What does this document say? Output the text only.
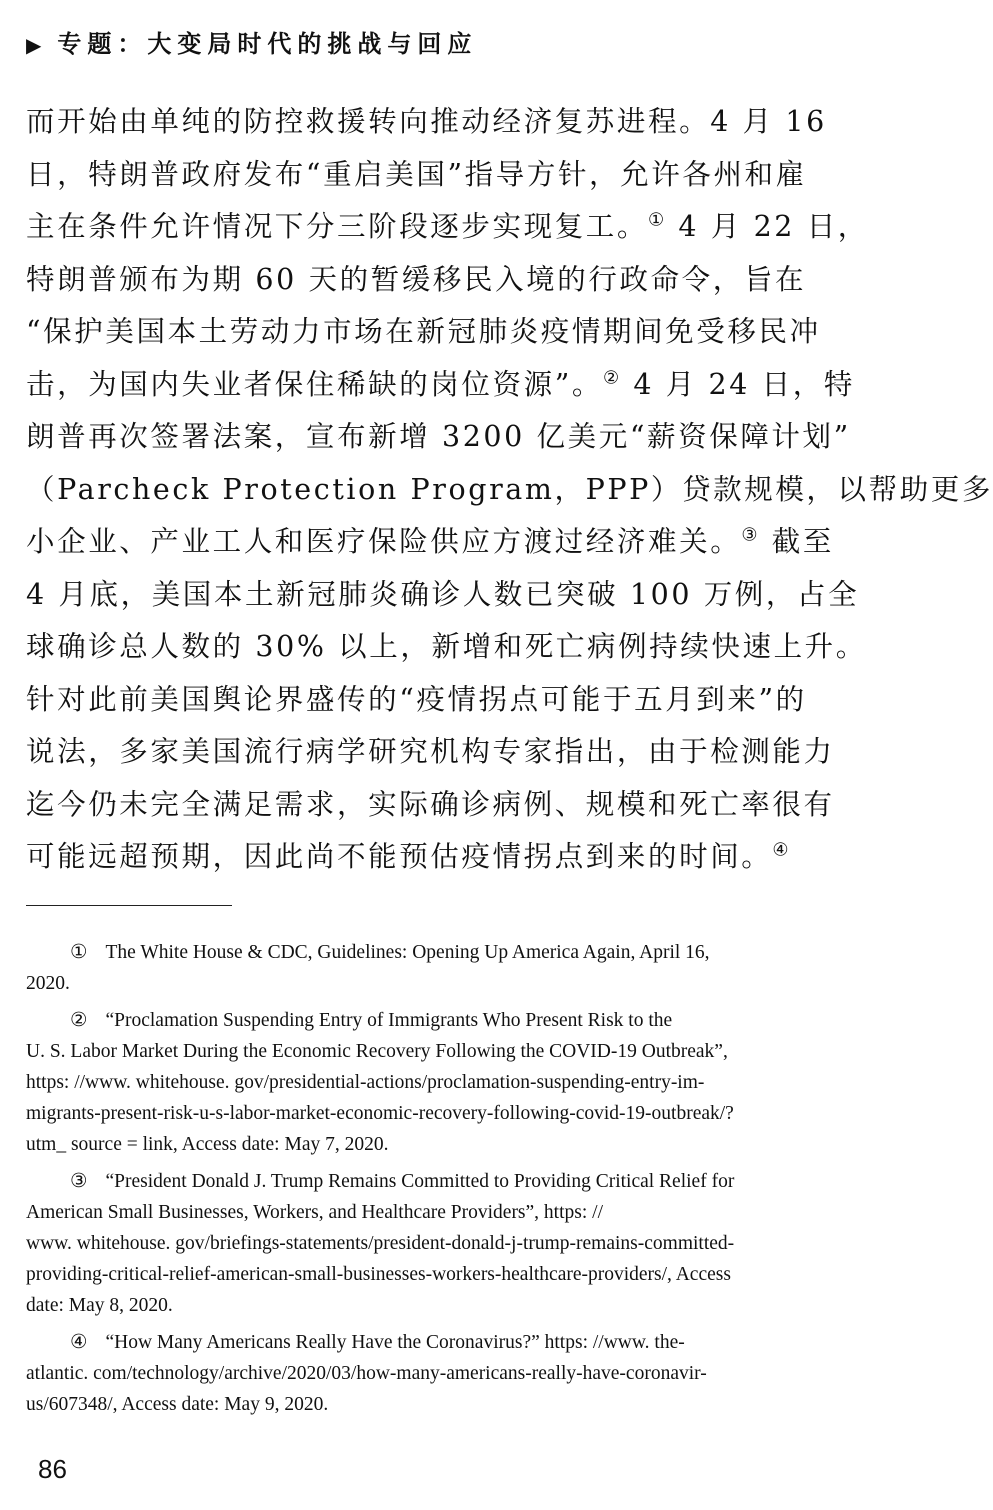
▶ 专题：大变局时代的挑战与回应
而开始由单纯的防控救援转向推动经济复苏进程。4 月 16
日，特朗普政府发布“重启美国”指导方针，允许各州和雇
主在条件允许情况下分三阶段逐步实现复工。① 4 月 22 日，
特朗普颁布为期 60 天的暂缓移民入境的行政命令，旨在
“保护美国本土劳动力市场在新冠肺炎疫情期间免受移民冲
击，为国内失业者保住稀缺的岗位资源”。② 4 月 24 日，特
朗普再次签署法案，宣布新增 3200 亿美元“薪资保障计划”
（Parcheck Protection Program，PPP）贷款规模，以帮助更多
小企业、产业工人和医疗保险供应方渡过经济难关。③ 截至
4 月底，美国本土新冠肺炎确诊人数已突破 100 万例，占全
球确诊总人数的 30% 以上，新增和死亡病例持续快速上升。
针对此前美国舆论界盛传的“疫情拐点可能于五月到来”的
说法，多家美国流行病学研究机构专家指出，由于检测能力
迄今仍未完全满足需求，实际确诊病例、规模和死亡率很有
可能远超预期，因此尚不能预估疫情拐点到来的时间。④
① The White House & CDC, Guidelines: Opening Up America Again, April 16,
2020.
② “Proclamation Suspending Entry of Immigrants Who Present Risk to the
U. S. Labor Market During the Economic Recovery Following the COVID-19 Outbreak”,
https: //www. whitehouse. gov/presidential-actions/proclamation-suspending-entry-im-
migrants-present-risk-u-s-labor-market-economic-recovery-following-covid-19-outbreak/?
utm_ source = link, Access date: May 7, 2020.
③ “President Donald J. Trump Remains Committed to Providing Critical Relief for
American Small Businesses, Workers, and Healthcare Providers”, https: //
www. whitehouse. gov/briefings-statements/president-donald-j-trump-remains-committed-
providing-critical-relief-american-small-businesses-workers-healthcare-providers/, Access
date: May 8, 2020.
④ “How Many Americans Really Have the Coronavirus?” https: //www. the-
atlantic. com/technology/archive/2020/03/how-many-americans-really-have-coronavir-
us/607348/, Access date: May 9, 2020.
86
